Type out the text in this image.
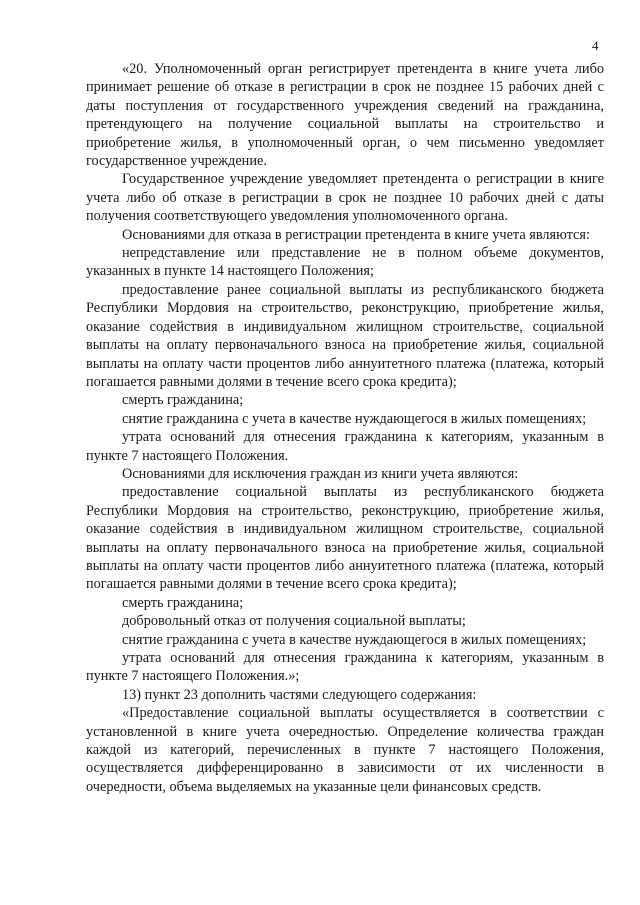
4

«20. Уполномоченный орган регистрирует претендента в книге учета либо принимает решение об отказе в регистрации в срок не позднее 15 рабочих дней с даты поступления от государственного учреждения сведений на гражданина, претендующего на получение социальной выплаты на строительство и приобретение жилья, в уполномоченный орган, о чем письменно уведомляет государственное учреждение.

Государственное учреждение уведомляет претендента о регистрации в книге учета либо об отказе в регистрации в срок не позднее 10 рабочих дней с даты получения соответствующего уведомления уполномоченного органа.

Основаниями для отказа в регистрации претендента в книге учета являются:

непредставление или представление не в полном объеме документов, указанных в пункте 14 настоящего Положения;

предоставление ранее социальной выплаты из республиканского бюджета Республики Мордовия на строительство, реконструкцию, приобретение жилья, оказание содействия в индивидуальном жилищном строительстве, социальной выплаты на оплату первоначального взноса на приобретение жилья, социальной выплаты на оплату части процентов либо аннуитетного платежа (платежа, который погашается равными долями в течение всего срока кредита);

смерть гражданина;

снятие гражданина с учета в качестве нуждающегося в жилых помещениях;

утрата оснований для отнесения гражданина к категориям, указанным в пункте 7 настоящего Положения.

Основаниями для исключения граждан из книги учета являются:

предоставление социальной выплаты из республиканского бюджета Республики Мордовия на строительство, реконструкцию, приобретение жилья, оказание содействия в индивидуальном жилищном строительстве, социальной выплаты на оплату первоначального взноса на приобретение жилья, социальной выплаты на оплату части процентов либо аннуитетного платежа (платежа, который погашается равными долями в течение всего срока кредита);

смерть гражданина;

добровольный отказ от получения социальной выплаты;

снятие гражданина с учета в качестве нуждающегося в жилых помещениях;

утрата оснований для отнесения гражданина к категориям, указанным в пункте 7 настоящего Положения.»;

13) пункт 23 дополнить частями следующего содержания:

«Предоставление социальной выплаты осуществляется в соответствии с установленной в книге учета очередностью. Определение количества граждан каждой из категорий, перечисленных в пункте 7 настоящего Положения, осуществляется дифференцированно в зависимости от их численности в очередности, объема выделяемых на указанные цели финансовых средств.
